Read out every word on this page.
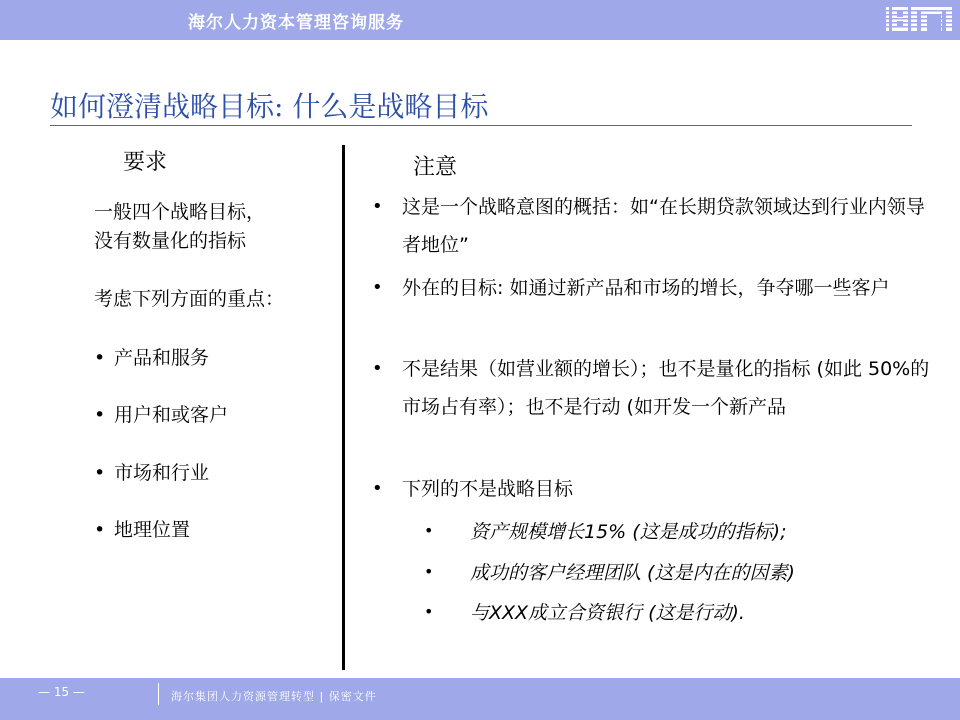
海尔人力资本管理咨询服务
如何澄清战略目标: 什么是战略目标
要求	注意
一般四个战略目标，
没有数量化的指标
考虑下列方面的重点：
• 产品和服务
• 用户和或客户
• 市场和行业
• 地理位置
• 这是一个战略意图的概括：如“在长期贷款领域达到行业内领导者地位”
• 外在的目标: 如通过新产品和市场的增长，争夺哪一些客户
• 不是结果（如营业额的增长）；也不是量化的指标 (如此 50%的市场占有率）；也不是行动 (如开发一个新产品
• 下列的不是战略目标
• 资产规模增长15% (这是成功的指标);
• 成功的客户经理团队 (这是内在的因素)
• 与XXX成立合资银行 (这是行动).
— 15 —	海尔集团人力资源管理转型 | 保密文件
